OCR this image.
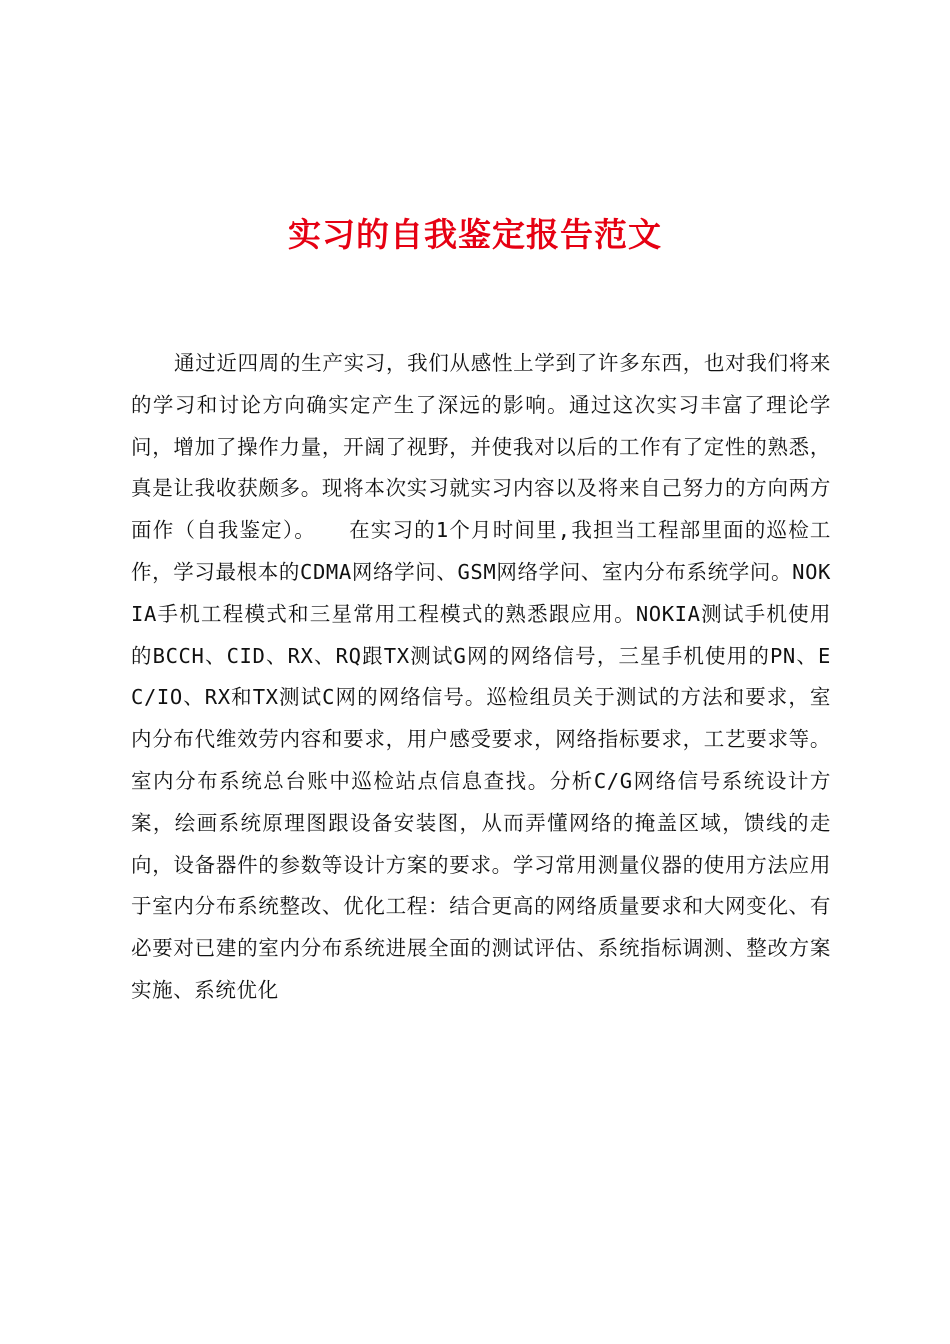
实习的自我鉴定报告范文
通过近四周的生产实习，我们从感性上学到了许多东西，也对我们将来的学习和讨论方向确实定产生了深远的影响。通过这次实习丰富了理论学问，增加了操作力量，开阔了视野，并使我对以后的工作有了定性的熟悉，真是让我收获颇多。现将本次实习就实习内容以及将来自己努力的方向两方面作（自我鉴定）。　　在实习的1个月时间里,我担当工程部里面的巡检工作，学习最根本的CDMA网络学问、GSM网络学问、室内分布系统学问。NOKIA手机工程模式和三星常用工程模式的熟悉跟应用。NOKIA测试手机使用的BCCH、CID、RX、RQ跟TX测试G网的网络信号，三星手机使用的PN、EC/IO、RX和TX测试C网的网络信号。巡检组员关于测试的方法和要求，室内分布代维效劳内容和要求，用户感受要求，网络指标要求，工艺要求等。室内分布系统总台账中巡检站点信息查找。分析C/G网络信号系统设计方案，绘画系统原理图跟设备安装图，从而弄懂网络的掩盖区域，馈线的走向，设备器件的参数等设计方案的要求。学习常用测量仪器的使用方法应用于室内分布系统整改、优化工程：结合更高的网络质量要求和大网变化、有必要对已建的室内分布系统进展全面的测试评估、系统指标调测、整改方案实施、系统优化
